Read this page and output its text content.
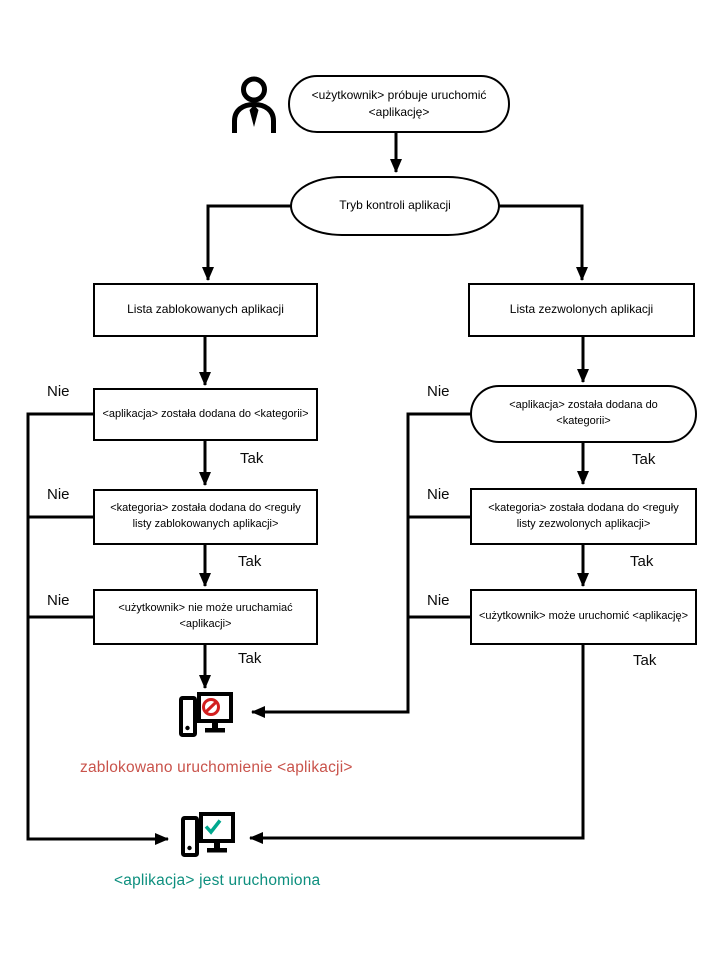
<użytkownik> próbuje uruchomić <aplikację>
Tryb kontroli aplikacji
Lista zablokowanych aplikacji	Lista zezwolonych aplikacji
<aplikacja> została dodana do <kategorii>
<aplikacja> została dodana do <kategorii>
<kategoria> została dodana do <reguły listy zablokowanych aplikacji>
<kategoria> została dodana do <reguły listy zezwolonych aplikacji>
<użytkownik> nie może uruchamiać <aplikacji>
<użytkownik> może uruchomić <aplikację>
Nie
Nie
Nie
Nie
Nie
Nie
Tak
Tak
Tak
Tak
Tak
Tak
zablokowano uruchomienie <aplikacji>
<aplikacja> jest uruchomiona
